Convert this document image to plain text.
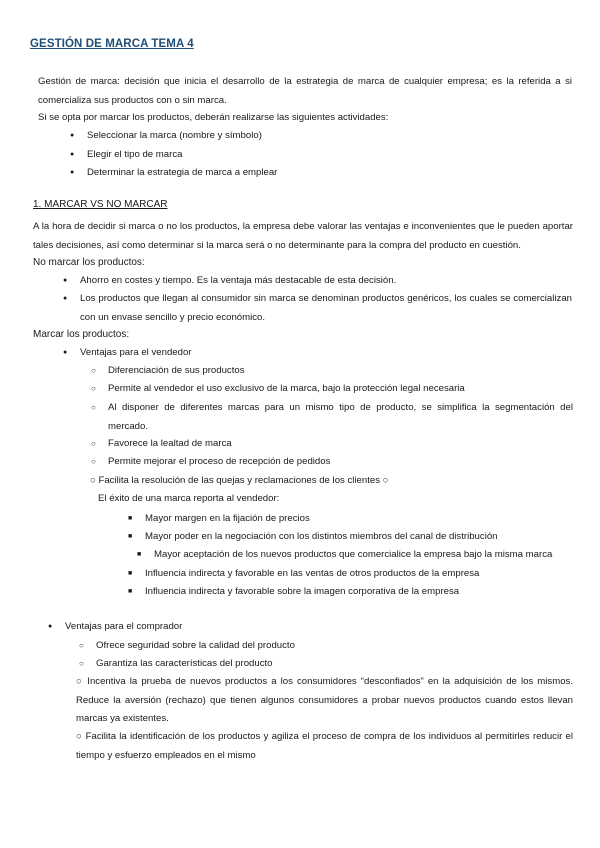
GESTIÓN DE MARCA TEMA 4

Gestión de marca: decisión que inicia el desarrollo de la estrategia de marca de cualquier empresa; es la referida a si comercializa sus productos con o sin marca.

Si se opta por marcar los productos, deberán realizarse las siguientes actividades:

● Seleccionar la marca (nombre y símbolo)
● Elegir el tipo de marca
● Determinar la estrategia de marca a emplear
1. MARCAR VS NO MARCAR

A la hora de decidir si marca o no los productos, la empresa debe valorar las ventajas e inconvenientes que le pueden aportar tales decisiones, así como determinar si la marca será o no determinante para la compra del producto en cuestión.

No marcar los productos:

● Ahorro en costes y tiempo. Es la ventaja más destacable de esta decisión.
● Los productos que llegan al consumidor sin marca se denominan productos genéricos, los cuales se comercializan con un envase sencillo y precio económico.

Marcar los productos:

● Ventajas para el vendedor
○ Diferenciación de sus productos
○ Permite al vendedor el uso exclusivo de la marca, bajo la protección legal necesaria
○ Al disponer de diferentes marcas para un mismo tipo de producto, se simplifica la segmentación del mercado.
○ Favorece la lealtad de marca
○ Permite mejorar el proceso de recepción de pedidos
○ Facilita la resolución de las quejas y reclamaciones de los clientes ○
El éxito de una marca reporta al vendedor:
■ Mayor margen en la fijación de precios
■ Mayor poder en la negociación con los distintos miembros del canal de distribución
■ Mayor aceptación de los nuevos productos que comercialice la empresa bajo la misma marca
■ Influencia indirecta y favorable en las ventas de otros productos de la empresa
■ Influencia indirecta y favorable sobre la imagen corporativa de la empresa
● Ventajas para el comprador
○ Ofrece seguridad sobre la calidad del producto
○ Garantiza las características del producto
○ Incentiva la prueba de nuevos productos a los consumidores “desconfiados” en la adquisición de los mismos. Reduce la aversión (rechazo) que tienen algunos consumidores a probar nuevos productos cuando estos llevan marcas ya existentes.
○ Facilita la identificación de los productos y agiliza el proceso de compra de los individuos al permitirles reducir el tiempo y esfuerzo empleados en el mismo
